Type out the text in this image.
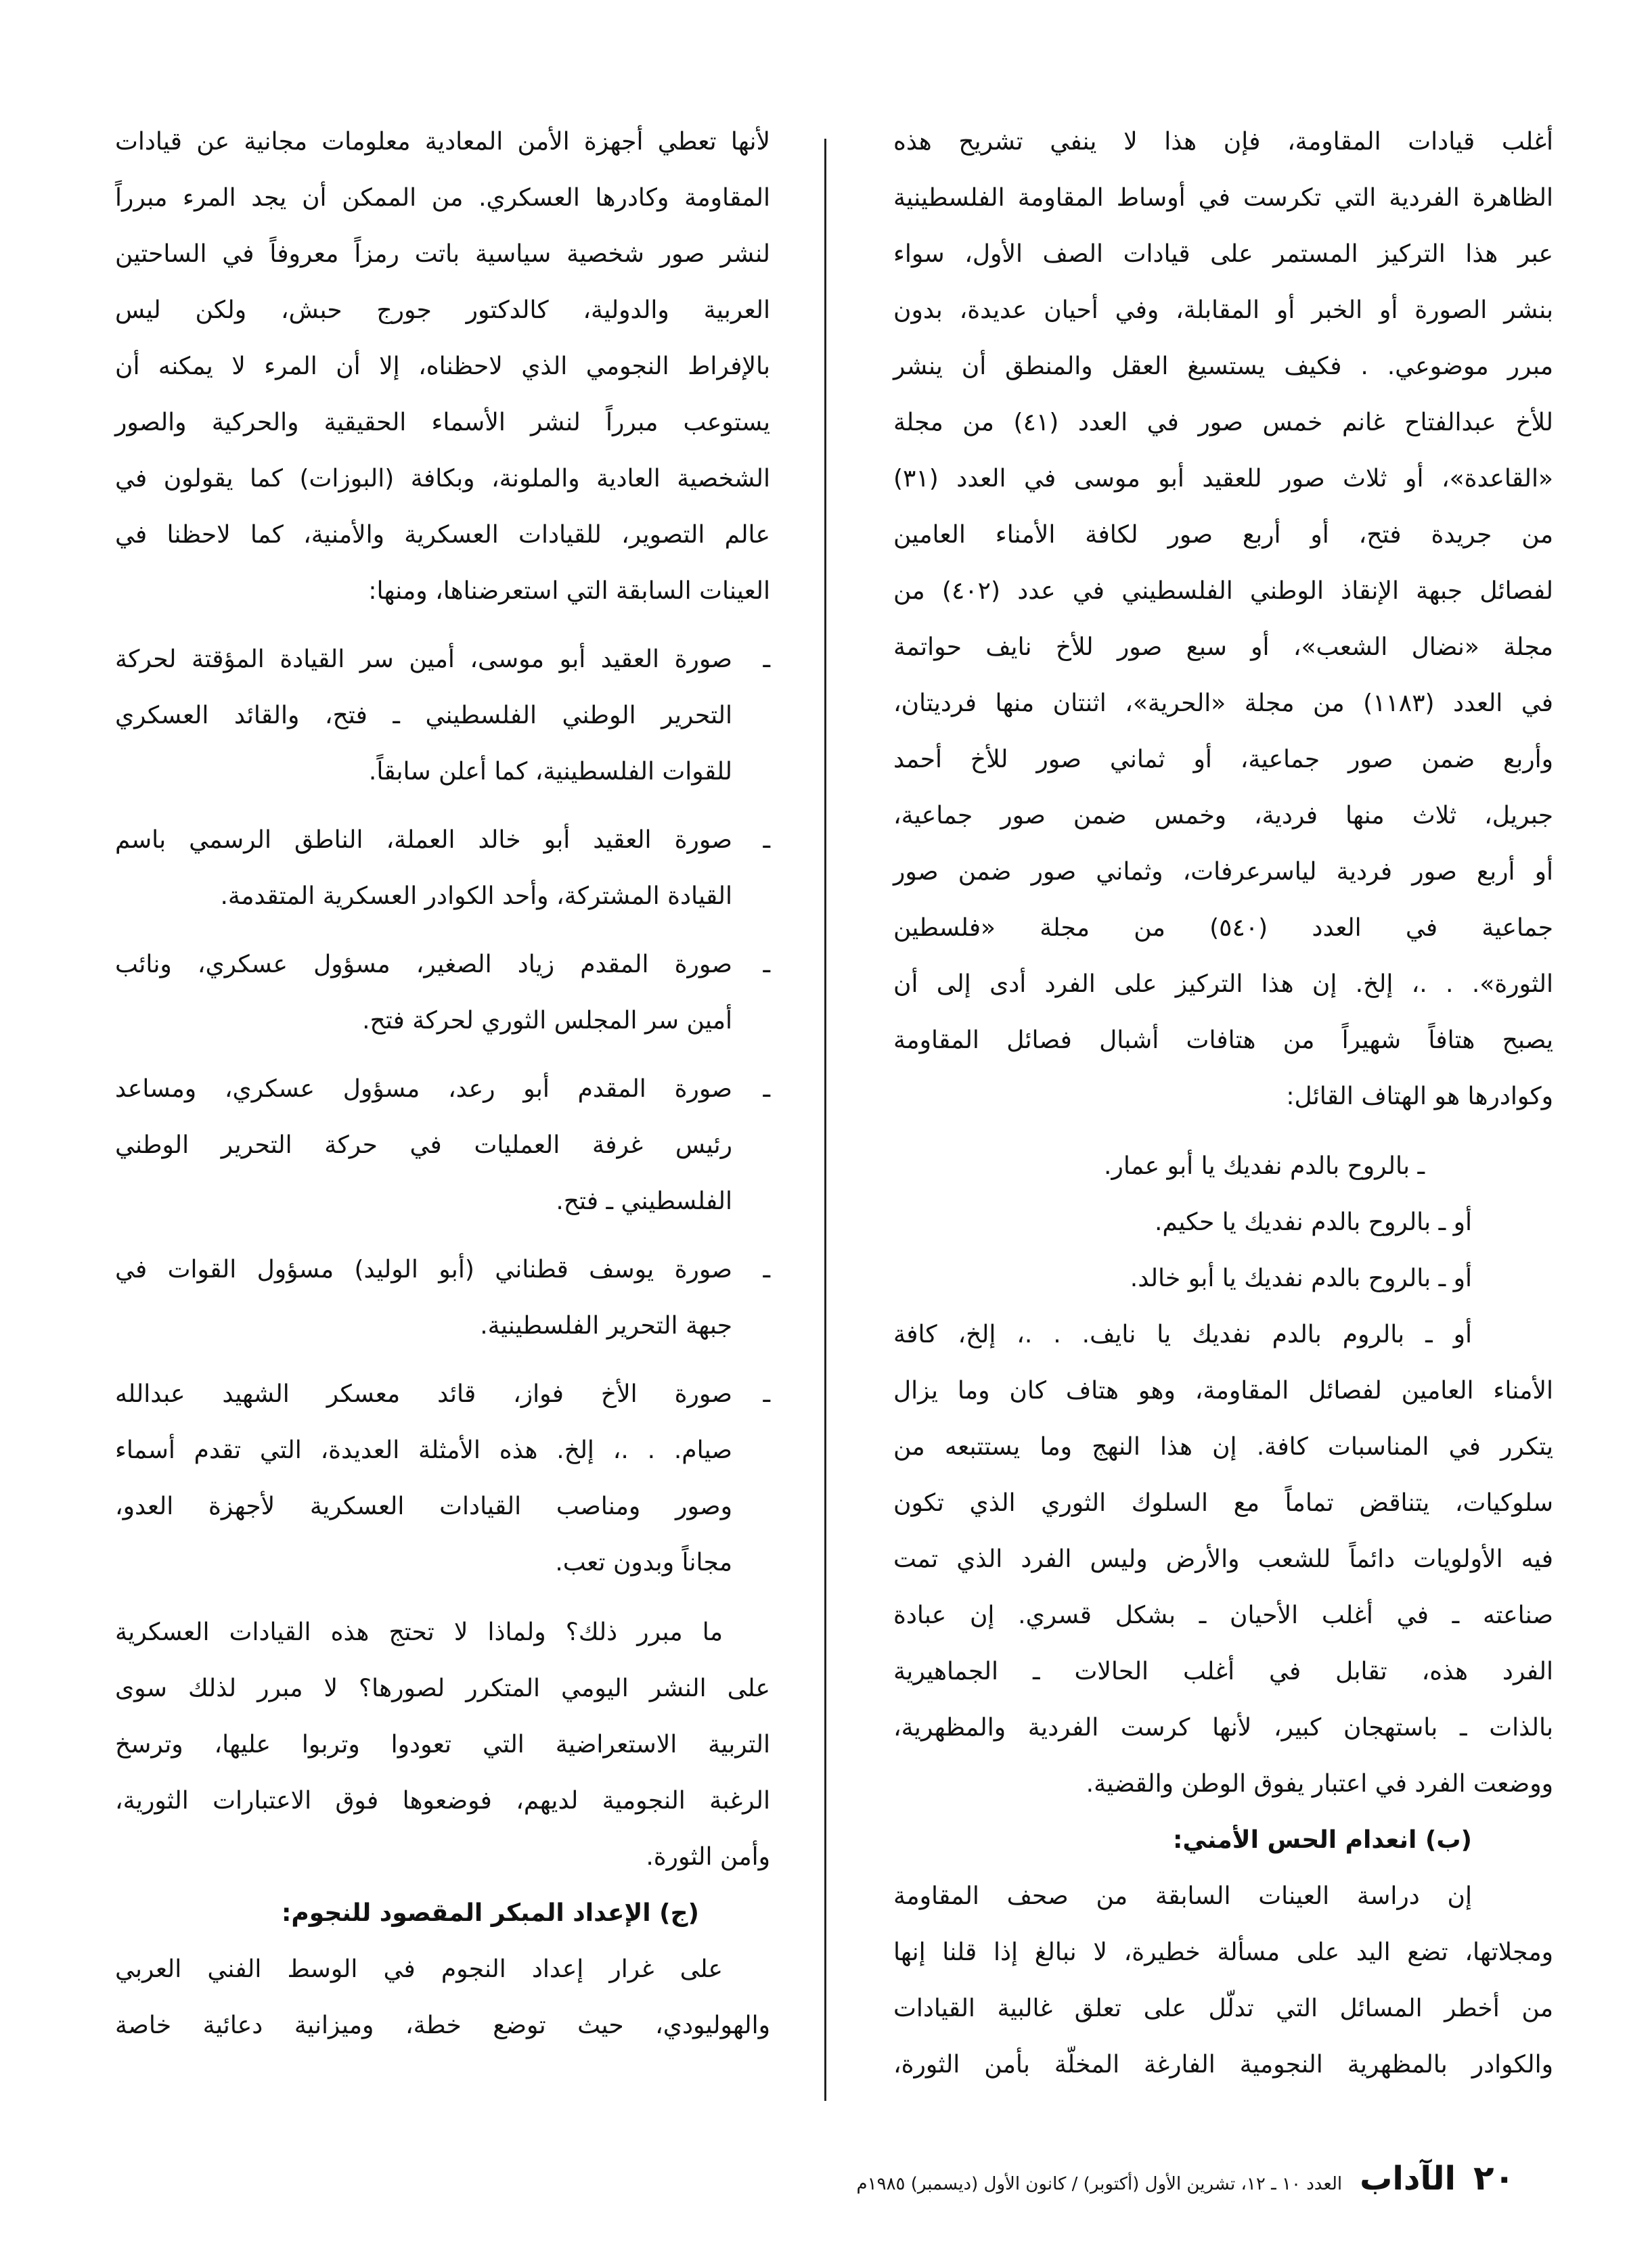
أغلب قيادات المقاومة، فإن هذا لا ينفي تشريح هذه
الظاهرة الفردية التي تكرست في أوساط المقاومة الفلسطينية
عبر هذا التركيز المستمر على قيادات الصف الأول، سواء
بنشر الصورة أو الخبر أو المقابلة، وفي أحيان عديدة، بدون
مبرر موضوعي. . فكيف يستسيغ العقل والمنطق أن ينشر
للأخ عبدالفتاح غانم خمس صور في العدد (٤١) من مجلة
«القاعدة»، أو ثلاث صور للعقيد أبو موسى في العدد (٣١)
من جريدة فتح، أو أربع صور لكافة الأمناء العامين
لفصائل جبهة الإنقاذ الوطني الفلسطيني في عدد (٤٠٢) من
مجلة «نضال الشعب»، أو سبع صور للأخ نايف حواتمة
في العدد (١١٨٣) من مجلة «الحرية»، اثنتان منها فرديتان،
وأربع ضمن صور جماعية، أو ثماني صور للأخ أحمد
جبريل، ثلاث منها فردية، وخمس ضمن صور جماعية،
أو أربع صور فردية لياسرعرفات، وثماني صور ضمن صور
جماعية في العدد (٥٤٠) من مجلة «فلسطين
الثورة». . .، إلخ. إن هذا التركيز على الفرد أدى إلى أن
يصبح هتافاً شهيراً من هتافات أشبال فصائل المقاومة
وكوادرها هو الهتاف القائل:
ـ بالروح بالدم نفديك يا أبو عمار.
أو ـ بالروح بالدم نفديك يا حكيم.
أو ـ بالروح بالدم نفديك يا أبو خالد.
أو ـ بالروم بالدم نفديك يا نايف. . .، إلخ، كافة
الأمناء العامين لفصائل المقاومة، وهو هتاف كان وما يزال
يتكرر في المناسبات كافة. إن هذا النهج وما يستتبعه من
سلوكيات، يتناقض تماماً مع السلوك الثوري الذي تكون
فيه الأولويات دائماً للشعب والأرض وليس الفرد الذي تمت
صناعته ـ في أغلب الأحيان ـ بشكل قسري. إن عبادة
الفرد هذه، تقابل في أغلب الحالات ـ الجماهيرية
بالذات ـ باستهجان كبير، لأنها كرست الفردية والمظهرية،
ووضعت الفرد في اعتبار يفوق الوطن والقضية.
(ب) انعدام الحس الأمني:
إن دراسة العينات السابقة من صحف المقاومة
ومجلاتها، تضع اليد على مسألة خطيرة، لا نبالغ إذا قلنا إنها
من أخطر المسائل التي تدلّل على تعلق غالبية القيادات
والكوادر بالمظهرية النجومية الفارغة المخلّة بأمن الثورة،
لأنها تعطي أجهزة الأمن المعادية معلومات مجانية عن قيادات
المقاومة وكادرها العسكري. من الممكن أن يجد المرء مبرراً
لنشر صور شخصية سياسية باتت رمزاً معروفاً في الساحتين
العربية والدولية، كالدكتور جورج حبش، ولكن ليس
بالإفراط النجومي الذي لاحظناه، إلا أن المرء لا يمكنه أن
يستوعب مبرراً لنشر الأسماء الحقيقية والحركية والصور
الشخصية العادية والملونة، وبكافة (البوزات) كما يقولون في
عالم التصوير، للقيادات العسكرية والأمنية، كما لاحظنا في
العينات السابقة التي استعرضناها، ومنها:
ـ
صورة العقيد أبو موسى، أمين سر القيادة المؤقتة لحركة
التحرير الوطني الفلسطيني ـ فتح، والقائد العسكري
للقوات الفلسطينية، كما أعلن سابقاً.
ـ
صورة العقيد أبو خالد العملة، الناطق الرسمي باسم
القيادة المشتركة، وأحد الكوادر العسكرية المتقدمة.
ـ
صورة المقدم زياد الصغير، مسؤول عسكري، ونائب
أمين سر المجلس الثوري لحركة فتح.
ـ
صورة المقدم أبو رعد، مسؤول عسكري، ومساعد
رئيس غرفة العمليات في حركة التحرير الوطني
الفلسطيني ـ فتح.
ـ
صورة يوسف قطناني (أبو الوليد) مسؤول القوات في
جبهة التحرير الفلسطينية.
ـ
صورة الأخ فواز، قائد معسكر الشهيد عبدالله
صيام. . .، إلخ. هذه الأمثلة العديدة، التي تقدم أسماء
وصور ومناصب القيادات العسكرية لأجهزة العدو،
مجاناً وبدون تعب.
ما مبرر ذلك؟ ولماذا لا تحتج هذه القيادات العسكرية
على النشر اليومي المتكرر لصورها؟ لا مبرر لذلك سوى
التربية الاستعراضية التي تعودوا وتربوا عليها، وترسخ
الرغبة النجومية لديهم، فوضعوها فوق الاعتبارات الثورية،
وأمن الثورة.
(ج) الإعداد المبكر المقصود للنجوم:
على غرار إعداد النجوم في الوسط الفني العربي
والهوليودي، حيث توضع خطة، وميزانية دعائية خاصة
٢٠
الآداب
العدد ١٠ ـ ١٢، تشرين الأول (أكتوبر) / كانون الأول (ديسمبر) ١٩٨٥م
